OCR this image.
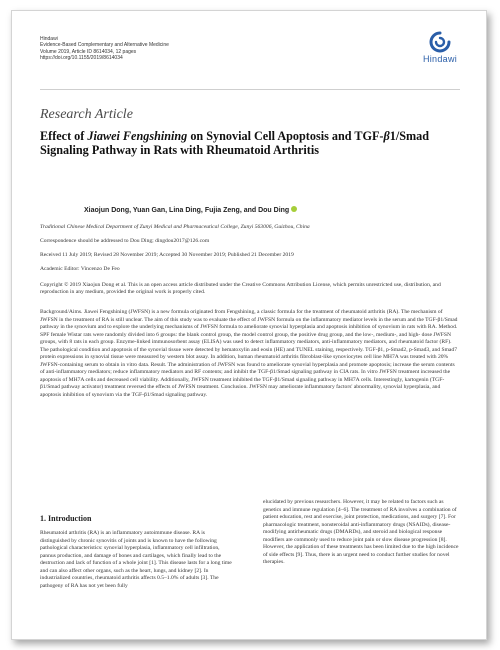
Hindawi
Evidence-Based Complementary and Alternative Medicine
Volume 2019, Article ID 8614034, 12 pages
https://doi.org/10.1155/2019/8614034	Hindawi
Research Article
Effect of Jiawei Fengshining on Synovial Cell Apoptosis and TGF-β1/Smad Signaling Pathway in Rats with Rheumatoid Arthritis
Xiaojun Dong, Yuan Gan, Lina Ding, Fujia Zeng, and Dou Ding
Traditional Chinese Medical Department of Zunyi Medical and Pharmaceutical College, Zunyi 563006, Guizhou, China
Correspondence should be addressed to Dou Ding; dingdou2017@126.com
Received 11 July 2019; Revised 28 November 2019; Accepted 30 November 2019; Published 21 December 2019
Academic Editor: Vincenzo De Feo
Copyright © 2019 Xiaojun Dong et al. This is an open access article distributed under the Creative Commons Attribution License, which permits unrestricted use, distribution, and reproduction in any medium, provided the original work is properly cited.

Background/Aims. Jiawei Fengshining (JWFSN) is a new formula originated from Fengshining, a classic formula for the treatment of rheumatoid arthritis (RA). The mechanism of JWFSN in the treatment of RA is still unclear. The aim of this study was to evaluate the effect of JWFSN formula on the inflammatory mediator levels in the serum and the TGF-β1/Smad pathway in the synovium and to explore the underlying mechanisms of JWFSN formula to ameliorate synovial hyperplasia and apoptosis inhibition of synovium in rats with RA. Method. SPF female Wistar rats were randomly divided into 6 groups: the blank control group, the model control group, the positive drug group, and the low-, medium-, and high- dose JWFSN groups, with 8 rats in each group. Enzyme-linked immunosorbent assay (ELISA) was used to detect inflammatory mediators, anti-inflammatory mediators, and rheumatoid factor (RF). The pathological condition and apoptosis of the synovial tissue were detected by hematoxylin and eosin (HE) and TUNEL staining, respectively. TGF-β1, p-Smad2, p-Smad3, and Smad7 protein expressions in synovial tissue were measured by western blot assay. In addition, human rheumatoid arthritis fibroblast-like synoviocytes cell line MH7A was treated with 20% JWFSN-containing serum to obtain in vitro data. Result. The administration of JWFSN was found to ameliorate synovial hyperplasia and promote apoptosis; increase the serum contents of anti-inflammatory mediators; reduce inflammatory mediators and RF contents; and inhibit the TGF-β1/Smad signaling pathway in CIA rats. In vitro JWFSN treatment increased the apoptosis of MH7A cells and decreased cell viability. Additionally, JWFSN treatment inhibited the TGF-β1/Smad signaling pathway in MH7A cells. Interestingly, kartogenin (TGF-β1/Smad pathway activator) treatment reversed the effects of JWFSN treatment. Conclusion. JWFSN may ameliorate inflammatory factors' abnormality, synovial hyperplasia, and apoptosis inhibition of synovium via the TGF-β1/Smad signaling pathway.

1. Introduction
Rheumatoid arthritis (RA) is an inflammatory autoimmune disease. RA is distinguished by chronic synovitis of joints and is known to have the following pathological characteristics: synovial hyperplasia, inflammatory cell infiltration, pannus production, and damage of bones and cartilages, which finally lead to the destruction and lack of function of a whole joint [1]. This disease lasts for a long time and can also affect other organs, such as the heart, lungs, and kidney [2]. In industrialized countries, rheumatoid arthritis affects 0.5–1.0% of adults [3]. The pathogeny of RA has not yet been fully
elucidated by previous researchers. However, it may be related to factors such as genetics and immune regulation [4–6]. The treatment of RA involves a combination of patient education, rest and exercise, joint protection, medications, and surgery [7]. For pharmacologic treatment, nonsteroidal anti-inflammatory drugs (NSAIDs), disease-modifying antirheumatic drugs (DMARDs), and steroid and biological response modifiers are commonly used to reduce joint pain or slow disease progression [8]. However, the application of these treatments has been limited due to the high incidence of side effects [9]. Thus, there is an urgent need to conduct further studies for novel therapies.
